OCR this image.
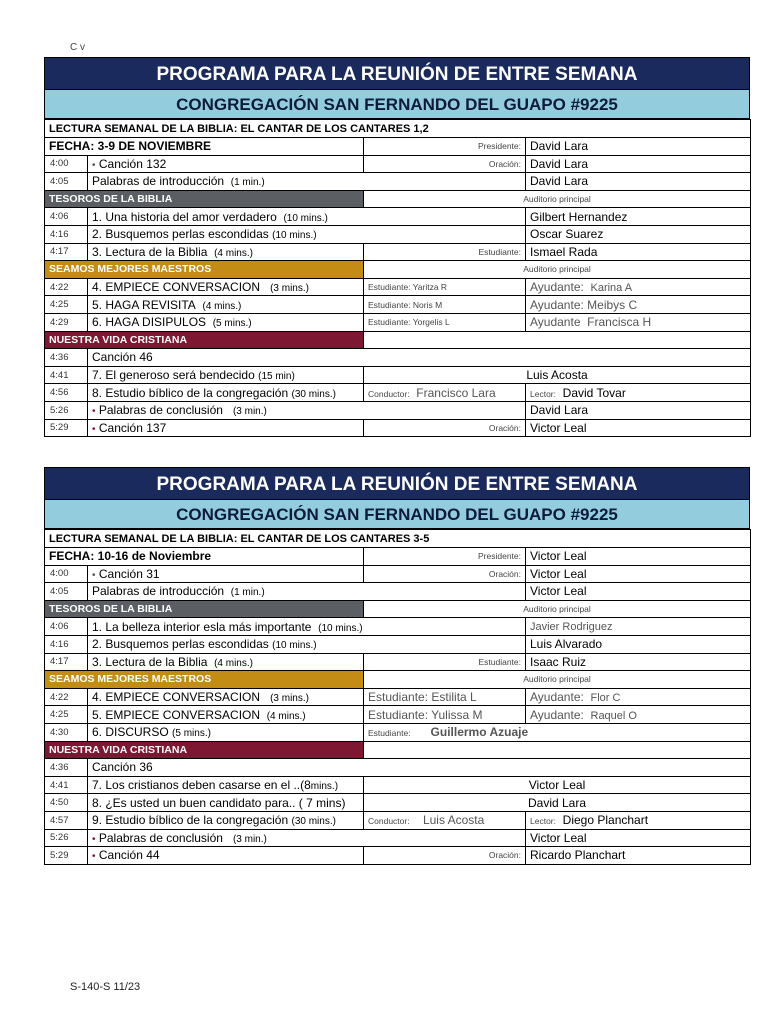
C v
PROGRAMA PARA LA REUNIÓN DE ENTRE SEMANA
CONGREGACIÓN SAN FERNANDO DEL GUAPO #9225
LECTURA SEMANAL DE LA BIBLIA: EL CANTAR DE LOS CANTARES 1,2			
FECHA: 3-9 DE NOVIEMBRE		Presidente:	David Lara
4:00	• Canción 132	Oración:	David Lara
4:05	Palabras de introducción (1 min.)		David Lara
TESOROS DE LA BIBLIA		Auditorio principal	
4:06	1. Una historia del amor verdadero (10 mins.)		Gilbert Hernandez
4:16	2. Busquemos perlas escondidas (10 mins.)		Oscar Suarez
4:17	3. Lectura de la Biblia (4 mins.)	Estudiante:	Ismael Rada
SEAMOS MEJORES MAESTROS		Auditorio principal	
4:22	4. EMPIECE CONVERSACION (3 mins.)	Estudiante: Yaritza R	Ayudante: Karina A
4:25	5. HAGA REVISITA (4 mins.)	Estudiante: Noris M	Ayudante: Meibys C
4:29	6. HAGA DISIPULOS (5 mins.)	Estudiante: Yorgelis L	Ayudante Francisca H
NUESTRA VIDA CRISTIANA			
4:36	Canción 46		
4:41	7. El generoso será bendecido (15 min)	Luis Acosta	
4:56	8. Estudio bíblico de la congregación (30 mins.)	Conductor: Francisco Lara	Lector: David Tovar
5:26	• Palabras de conclusión (3 min.)		David Lara
5:29	• Canción 137	Oración:	Victor Leal
PROGRAMA PARA LA REUNIÓN DE ENTRE SEMANA
CONGREGACIÓN SAN FERNANDO DEL GUAPO #9225
LECTURA SEMANAL DE LA BIBLIA: EL CANTAR DE LOS CANTARES 3-5			
FECHA: 10-16 de Noviembre		Presidente:	Victor Leal
4:00	• Canción 31	Oración:	Victor Leal
4:05	Palabras de introducción (1 min.)		Victor Leal
TESOROS DE LA BIBLIA		Auditorio principal	
4:06	1. La belleza interior esla más importante (10 mins.)		Javier Rodriguez
4:16	2. Busquemos perlas escondidas (10 mins.)		Luis Alvarado
4:17	3. Lectura de la Biblia (4 mins.)	Estudiante:	Isaac Ruiz
SEAMOS MEJORES MAESTROS		Auditorio principal	
4:22	4. EMPIECE CONVERSACION (3 mins.)	Estudiante: Estilita L	Ayudante: Flor C
4:25	5. EMPIECE CONVERSACION (4 mins.)	Estudiante: Yulissa M	Ayudante: Raquel O
4:30	6. DISCURSO (5 mins.)	Estudiante: Guillermo Azuaje	
NUESTRA VIDA CRISTIANA			
4:36	Canción 36		
4:41	7. Los cristianos deben casarse en el ..(8mins.)	Victor Leal	
4:50	8. ¿Es usted un buen candidato para.. ( 7 mins)	David Lara	
4:57	9. Estudio bíblico de la congregación (30 mins.)	Conductor: Luis Acosta	Lector: Diego Planchart
5:26	• Palabras de conclusión (3 min.)		Victor Leal
5:29	• Canción 44	Oración:	Ricardo Planchart
S-140-S 11/23
